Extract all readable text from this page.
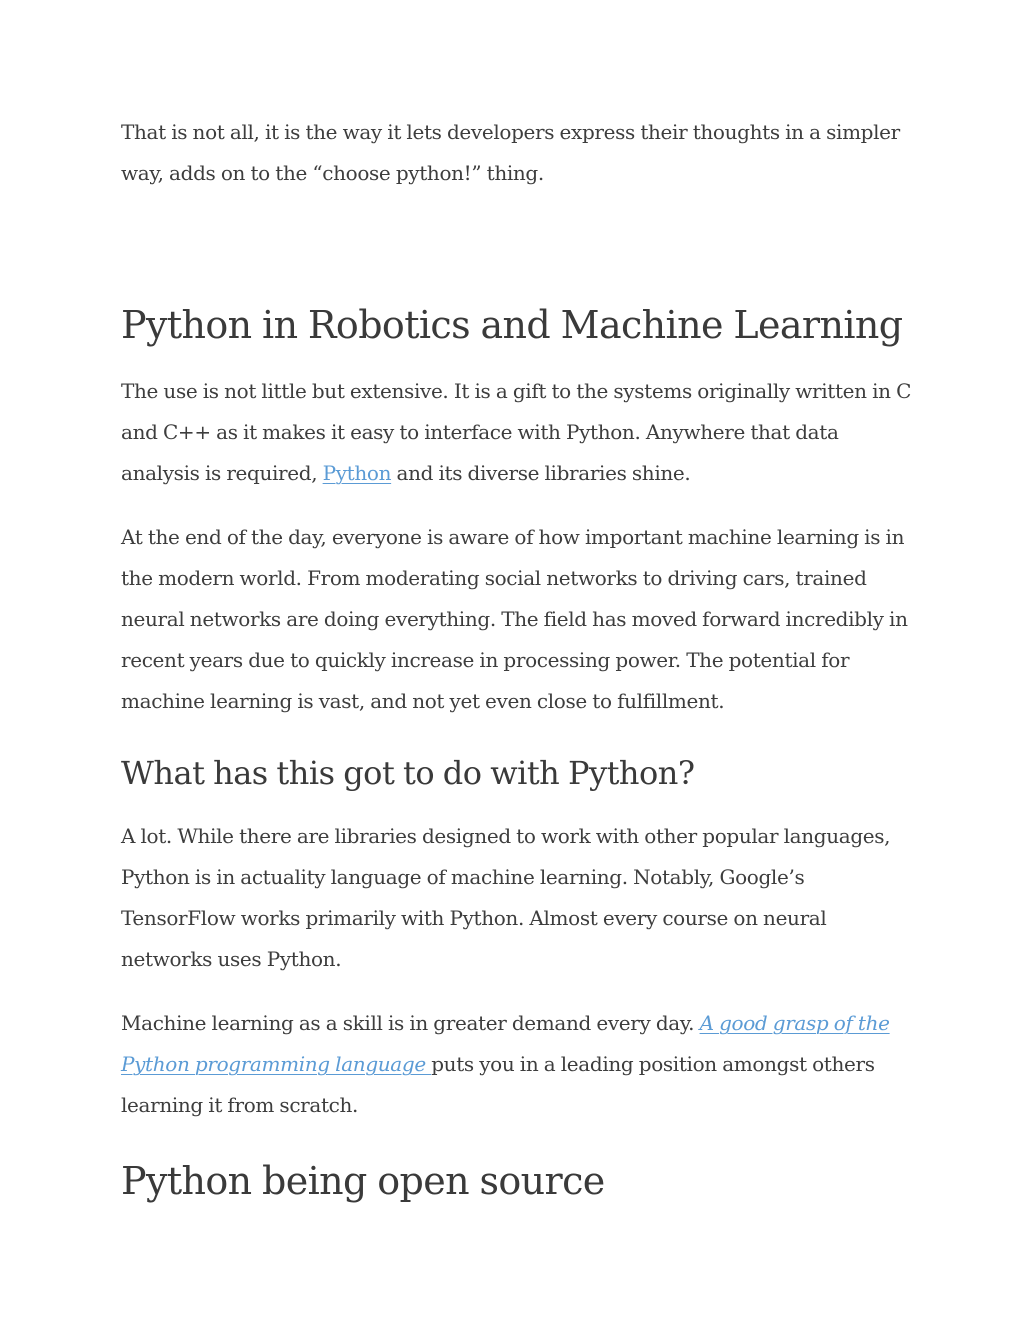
That is not all, it is the way it lets developers express their thoughts in a simpler way, adds on to the “choose python!” thing.

Python in Robotics and Machine Learning

The use is not little but extensive. It is a gift to the systems originally written in C and C++ as it makes it easy to interface with Python. Anywhere that data analysis is required, Python and its diverse libraries shine.

At the end of the day, everyone is aware of how important machine learning is in the modern world. From moderating social networks to driving cars, trained neural networks are doing everything. The field has moved forward incredibly in recent years due to quickly increase in processing power. The potential for machine learning is vast, and not yet even close to fulfillment.

What has this got to do with Python?

A lot. While there are libraries designed to work with other popular languages, Python is in actuality language of machine learning. Notably, Google’s TensorFlow works primarily with Python. Almost every course on neural networks uses Python.

Machine learning as a skill is in greater demand every day. A good grasp of the Python programming language puts you in a leading position amongst others learning it from scratch.

Python being open source
